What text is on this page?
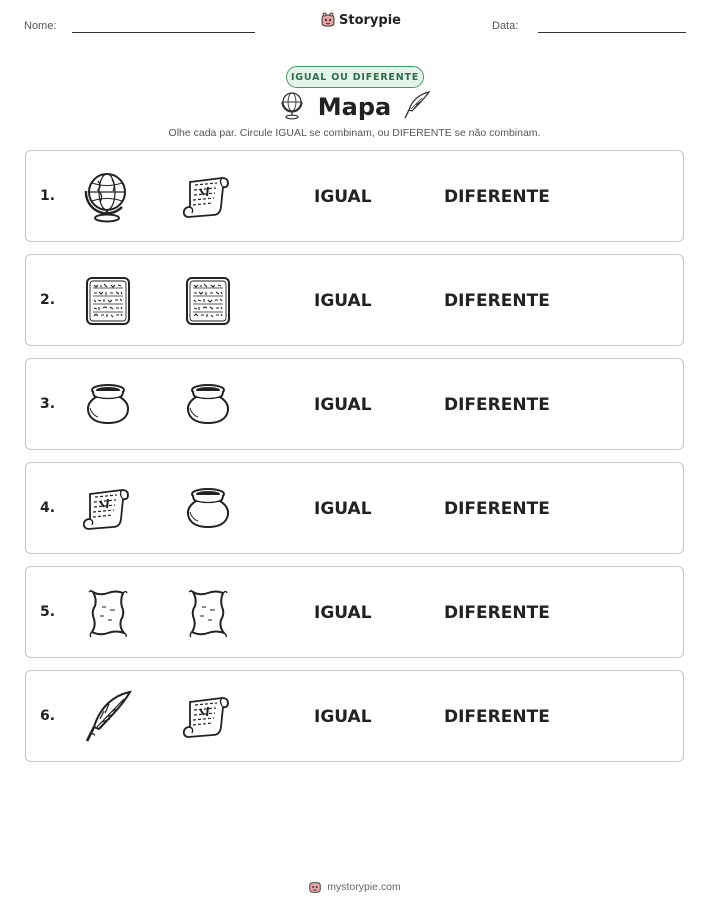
Nome:	Storypie	Data:
IGUAL OU DIFERENTE
Mapa
Olhe cada par. Circule IGUAL se combinam, ou DIFERENTE se não combinam.
1.	IGUAL	DIFERENTE
2.	IGUAL	DIFERENTE
3.	IGUAL	DIFERENTE
4.	IGUAL	DIFERENTE
5.	IGUAL	DIFERENTE
6.	IGUAL	DIFERENTE
mystorypie.com
